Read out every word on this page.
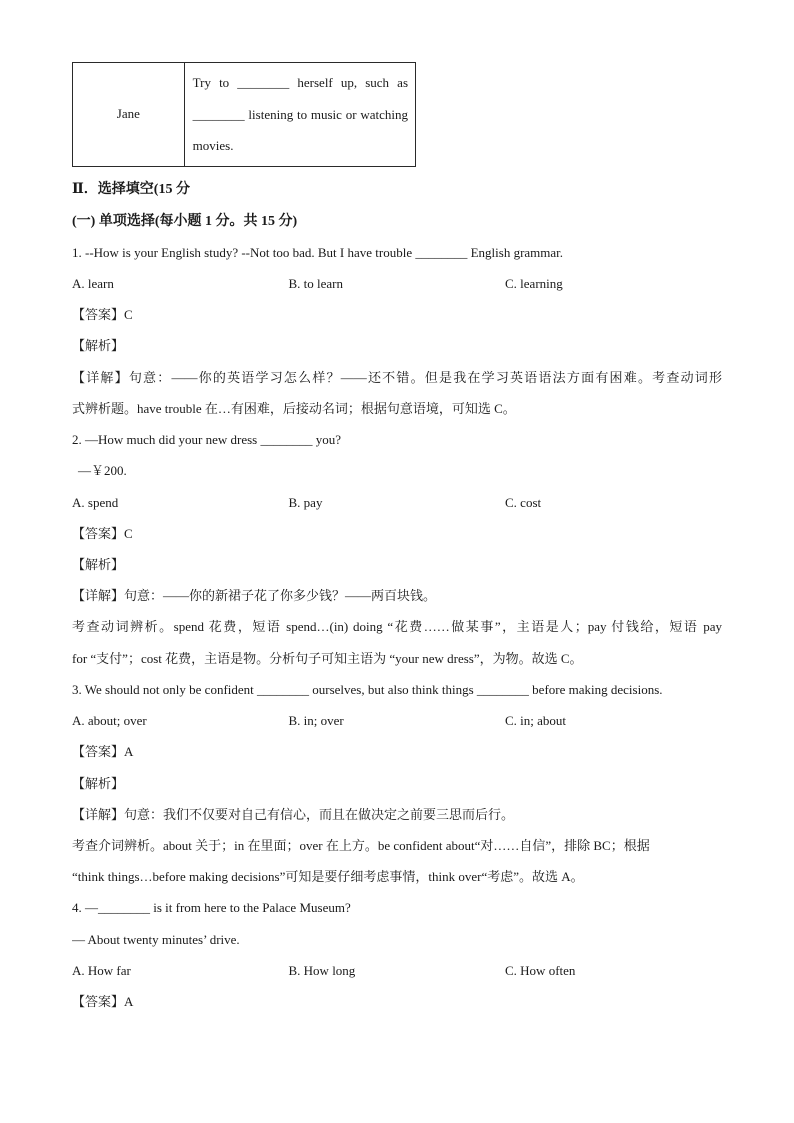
Jane	Try to ________ herself up, such as ________ listening to music or watching movies.
Ⅱ．选择填空(15 分
(一) 单项选择(每小题 1 分。共 15 分)
1. --How is your English study? --Not too bad. But I have trouble ________ English grammar.
A. learn	B. to learn	C. learning
【答案】C
【解析】
【详解】句意：——你的英语学习怎么样？——还不错。但是我在学习英语语法方面有困难。考查动词形
式辨析题。have trouble 在…有困难，后接动名词；根据句意语境，可知选 C。
2. —How much did your new dress ________ you?
—￥200.
A. spend	B. pay	C. cost
【答案】C
【解析】
【详解】句意：——你的新裙子花了你多少钱？——两百块钱。
考查动词辨析。spend 花费，短语 spend…(in) doing “花费……做某事”，主语是人；pay 付钱给，短语 pay
for “支付”；cost 花费，主语是物。分析句子可知主语为 “your new dress”，为物。故选 C。
3. We should not only be confident ________ ourselves, but also think things ________ before making decisions.
A. about; over	B. in; over	C. in; about
【答案】A
【解析】
【详解】句意：我们不仅要对自己有信心，而且在做决定之前要三思而后行。
考查介词辨析。about 关于；in 在里面；over 在上方。be confident about“对……自信”，排除 BC；根据
“think things…before making decisions”可知是要仔细考虑事情，think over“考虑”。故选 A。
4. —________ is it from here to the Palace Museum?
— About twenty minutes’ drive.
A. How far	B. How long	C. How often
【答案】A
